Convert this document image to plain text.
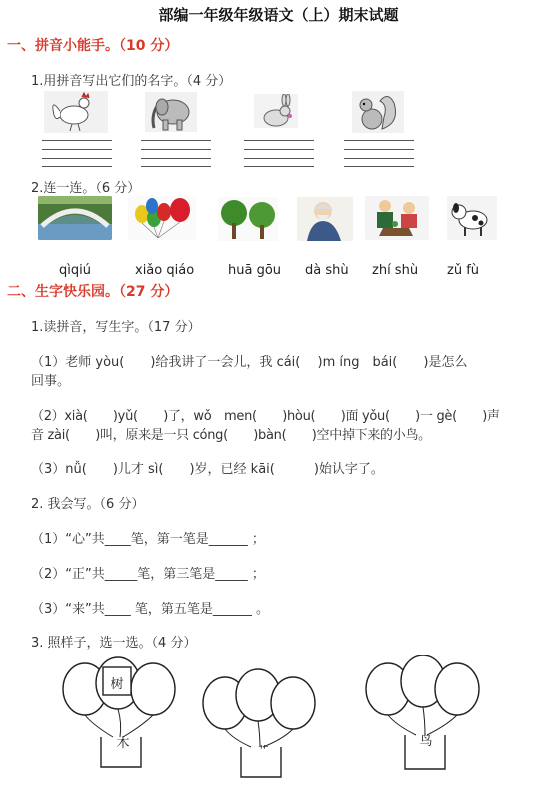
部编一年级年级语文（上）期末试题
一、拼音小能手。（10 分）
1.用拼音写出它们的名字。（4 分）
2.连一连。（6 分）
qìqiú	xiǎo qiáo	huā gōu dà shù zhí shù zǔ fù
二、生字快乐园。（27 分）
1.读拼音，写生字。（17 分）
（1）老师 yòu(　　)给我讲了一会儿，我 cái(　 )m íng　bái(　　)是怎么
回事。
（2）xià(　　)yǔ(　　)了，wǒ　men(　　)hòu(　　)面 yǒu(　　)一 gè(　　)声
音 zài(　　)叫，原来是一只 cóng(　　)bàn(　　)空中掉下来的小鸟。
（3）nǚ(　　)儿才 sì(　　)岁，已经 kāi(　　　)始认字了。
2. 我会写。（6 分）
（1）“心”共____笔，第一笔是______ ；
（2）“正”共_____笔，第三笔是_____ ；
（3）“来”共____ 笔，第五笔是______ 。
3. 照样子，选一选。（4 分）
树
木	艹
鸟
